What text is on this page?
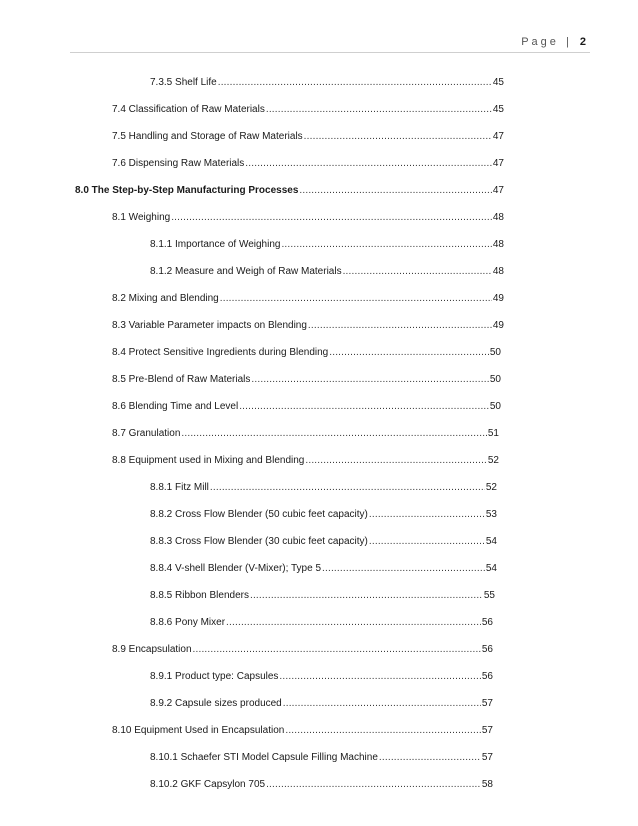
Page | 2
7.3.5 Shelf Life .....	45
7.4 Classification of Raw Materials .....	45
7.5 Handling and Storage of Raw Materials .....	47
7.6 Dispensing Raw Materials .....	47
8.0 The Step-by-Step Manufacturing Processes .....	47
8.1 Weighing .....	48
8.1.1 Importance of Weighing .....	48
8.1.2 Measure and Weigh of Raw Materials .....	48
8.2 Mixing and Blending .....	49
8.3 Variable Parameter impacts on Blending .....	49
8.4 Protect Sensitive Ingredients during Blending .....	50
8.5 Pre-Blend of Raw Materials .....	50
8.6 Blending Time and Level .....	50
8.7 Granulation .....	51
8.8 Equipment used in Mixing and Blending .....	52
8.8.1 Fitz Mill .....	52
8.8.2 Cross Flow Blender (50 cubic feet capacity) .....	53
8.8.3 Cross Flow Blender (30 cubic feet capacity) .....	54
8.8.4 V-shell Blender (V-Mixer); Type 5 .....	54
8.8.5 Ribbon Blenders .....	55
8.8.6 Pony Mixer .....	56
8.9 Encapsulation .....	56
8.9.1 Product type: Capsules .....	56
8.9.2 Capsule sizes produced .....	57
8.10 Equipment Used in Encapsulation .....	57
8.10.1 Schaefer STI Model Capsule Filling Machine .....	57
8.10.2 GKF Capsylon 705 .....	58
